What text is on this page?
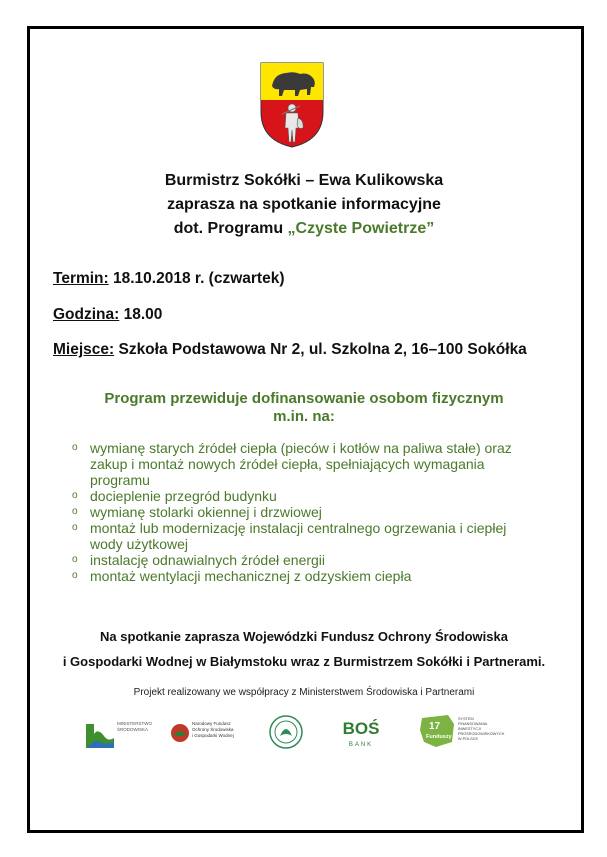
Burmistrz Sokółki – Ewa Kulikowska
zaprasza na spotkanie informacyjne
dot. Programu „Czyste Powietrze”
Termin: 18.10.2018 r. (czwartek)
Godzina: 18.00
Miejsce: Szkoła Podstawowa Nr 2, ul. Szkolna 2, 16–100 Sokółka
Program przewiduje dofinansowanie osobom fizycznym
m.in. na:
ο wymianę starych źródeł ciepła (pieców i kotłów na paliwa stałe) oraz zakup i montaż nowych źródeł ciepła, spełniających wymagania programu
ο docieplenie przegród budynku
ο wymianę stolarki okiennej i drzwiowej
ο montaż lub modernizację instalacji centralnego ogrzewania i ciepłej wody użytkowej
ο instalację odnawialnych źródeł energii
ο montaż wentylacji mechanicznej z odzyskiem ciepła
Na spotkanie zaprasza Wojewódzki Fundusz Ochrony Środowiska
i Gospodarki Wodnej w Białymstoku wraz z Burmistrzem Sokółki i Partnerami.
Projekt realizowany we współpracy z Ministerstwem Środowiska i Partnerami
MINISTERSTWO
ŚRODOWISKA
Narodowy Fundusz
Ochrony Środowiska
i Gospodarki Wodnej	BOŚ
BANK
17
Funduszy
SYSTEM
FINANSOWANIA
INWESTYCJI
PROŚRODOWISKOWYCH
W POLSCE
